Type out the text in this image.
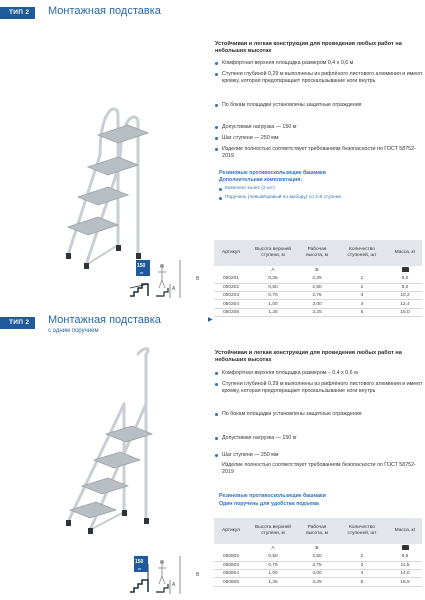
ТИП 2	Монтажная подставка
150
кг
А
В
Устойчивая и легкая конструкция для проведения любых работ на небольших высотах
Комфортная верхняя площадка размером 0,4 х 0,6 м
Ступени глубиной 0,29 м выполнены из рифлёного листового алюминия и имеют кромку, которая предотвращает проскальзывание ноги внутрь
По бокам площадки установлены защитные ограждения
Допустимая нагрузка — 150 кг
Шаг ступени — 250 мм
Изделие полностью соответствует требованиям безопасности по ГОСТ 58752-2019
Резиновые противоскользящие башмаки
Дополнительная комплектация:
Комплект колес (2 шт)
Поручень (левый/правый по выбору) со 2-й ступени
Артикул	Высота верхней ступени, м	Рабочая высота, м	Количество ступеней, шт	Масса, кг
	A	B		
050201	0,25	2,25	1	5,0
050202	0,50	2,50	2	8,0
050203	0,75	2,75	3	10,2
050204	1,00	3,00	4	12,4
050205	1,25	3,25	5	15,0
▶
ТИП 2	Монтажная подставка
с одним поручнем
150
кг
А
В
Устойчивая и легкая конструкция для проведения любых работ на небольших высотах
Комфортная верхняя площадка размером – 0,4 х 0,6 м
Ступени глубиной 0,29 м выполнены из рифлёного листового алюминия и имеют кромку, которая предотвращает проскальзывание ноги внутрь
По бокам площадки установлены защитные ограждения
Допустимая нагрузка — 150 кг
Шаг ступени — 250 мм
Изделие полностью соответствует требованиям безопасности по ГОСТ 58752-2019
Резиновые противоскользящие башмаки
Один поручень для удобства подъема
Артикул	Высота верхней ступени, м	Рабочая высота, м	Количество ступеней, шт	Масса, кг
	A	B		
050802	0,50	2,50	2	9,5
050803	0,75	2,75	3	11,5
050804	1,00	3,00	4	14,0
050805	1,25	3,25	5	16,5
